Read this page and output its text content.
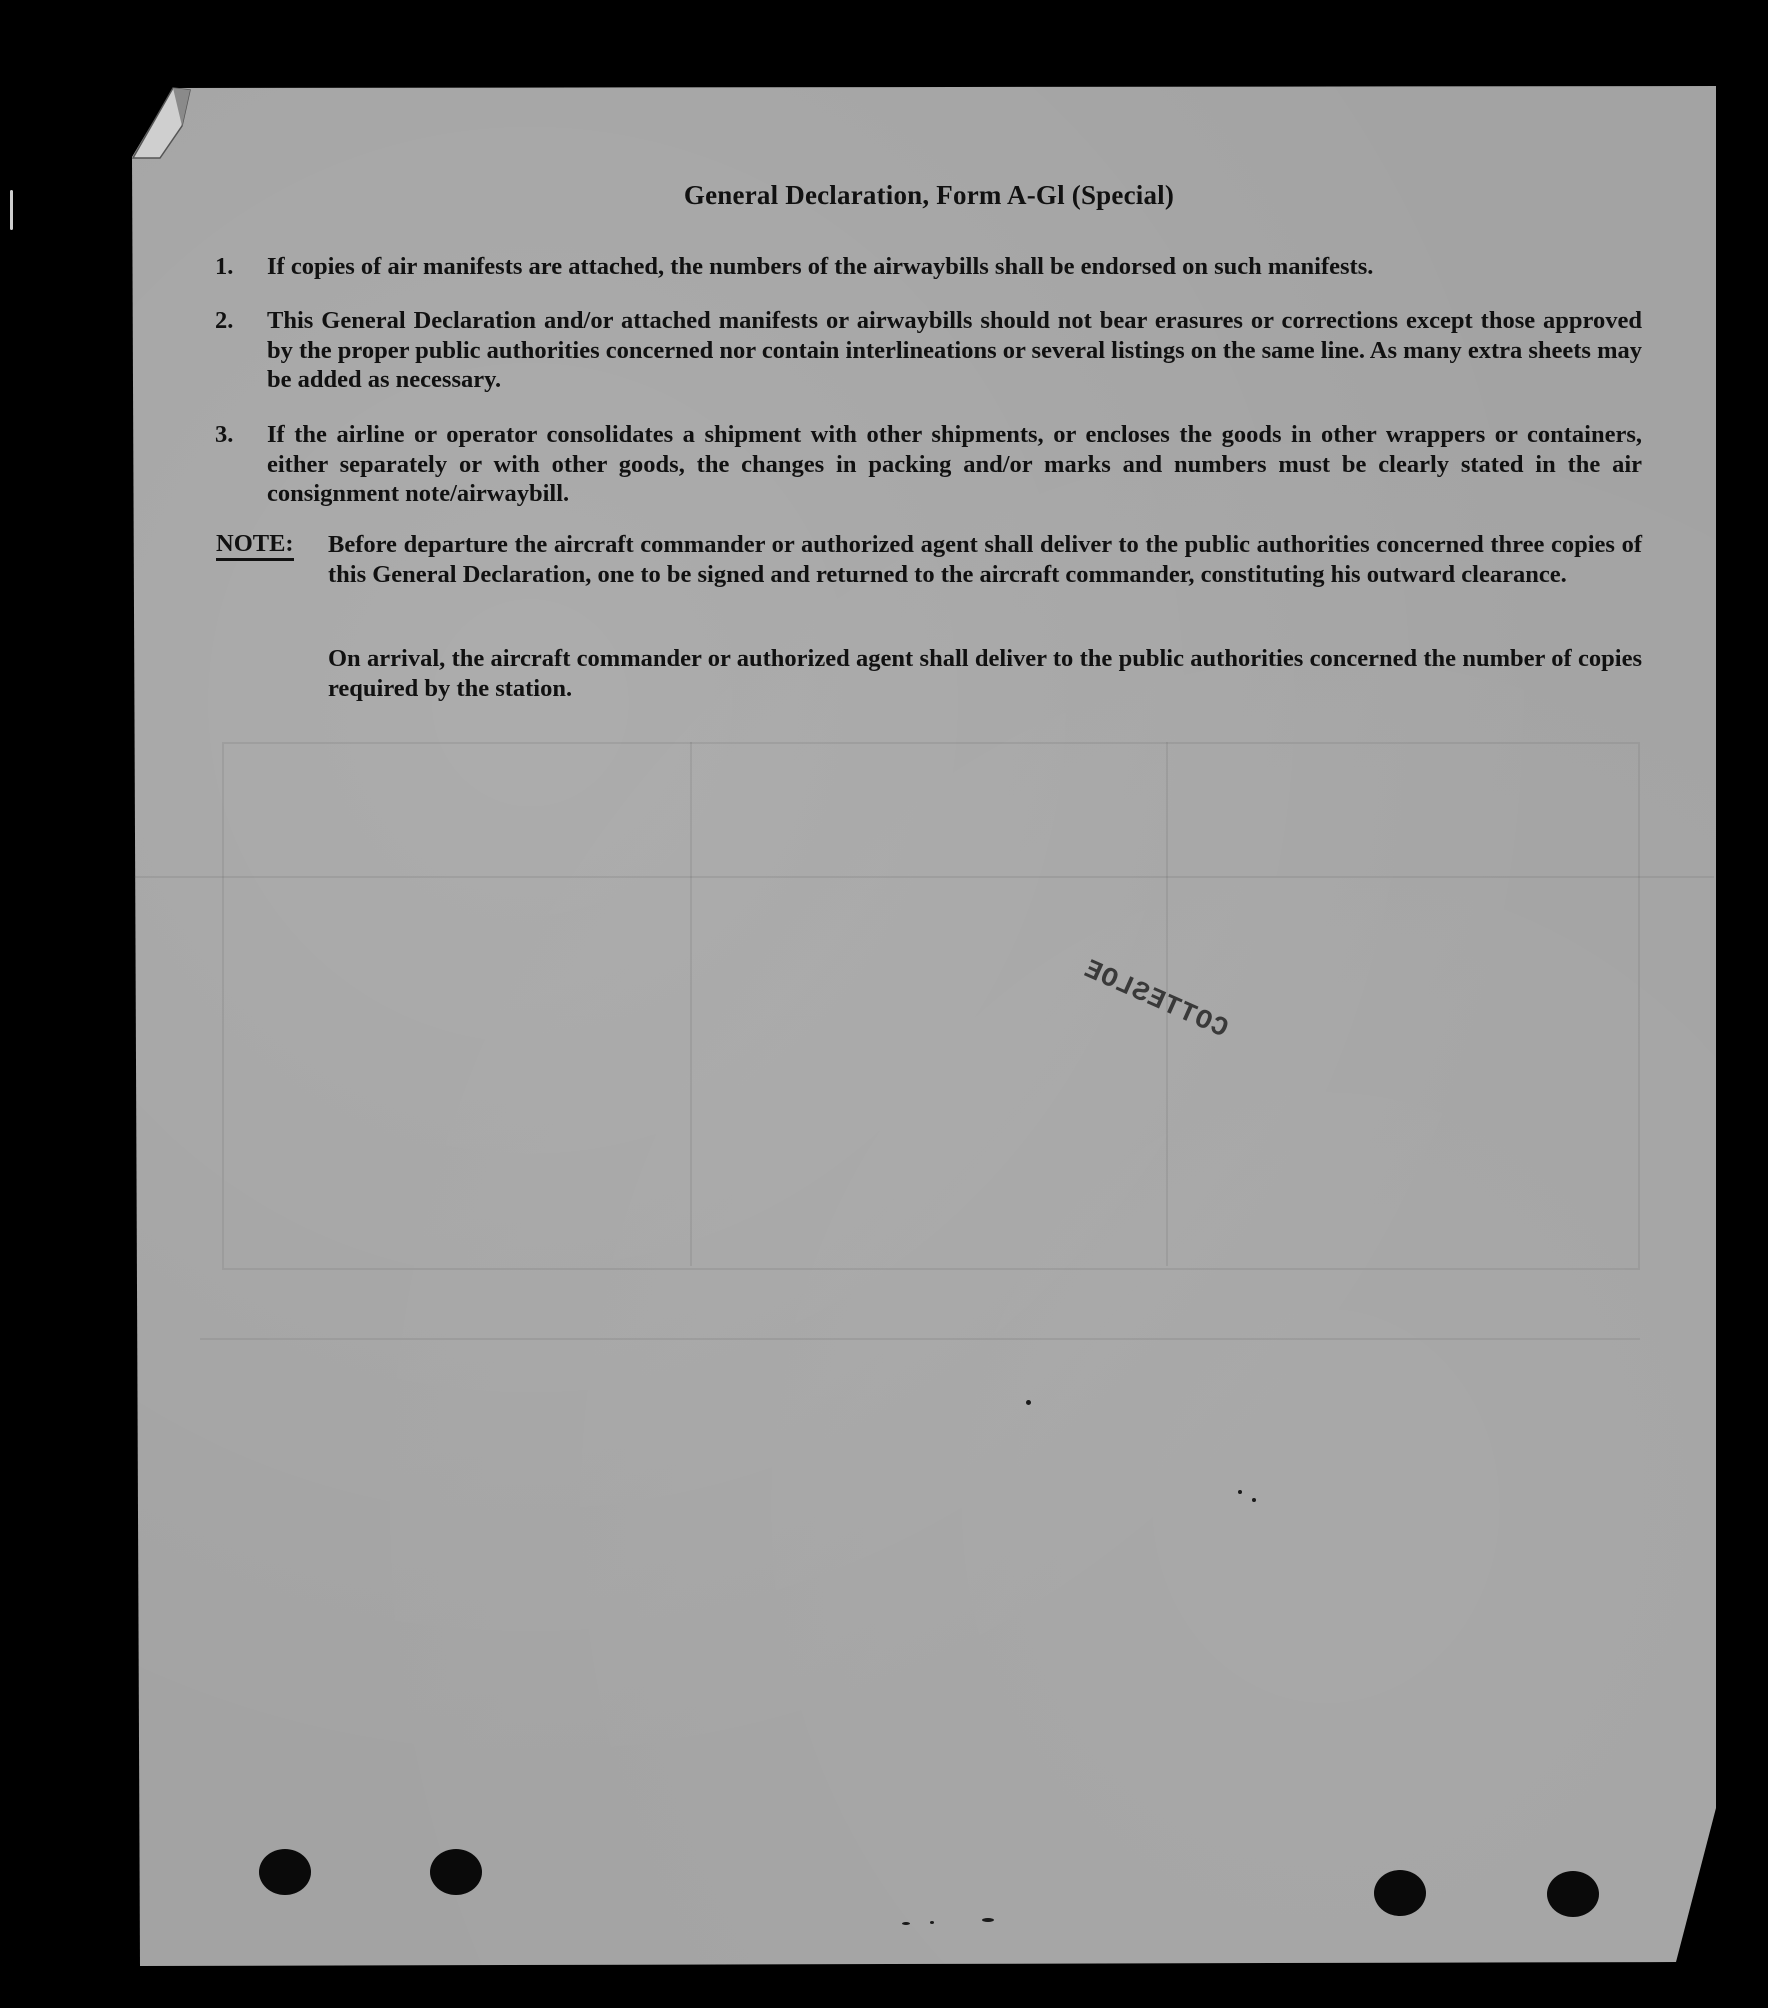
General Declaration, Form A-Gl (Special)
1. If copies of air manifests are attached, the numbers of the airwaybills shall be endorsed on such manifests.
2. This General Declaration and/or attached manifests or airwaybills should not bear erasures or corrections except those approved by the proper public authorities concerned nor contain interlineations or several listings on the same line. As many extra sheets may be added as necessary.
3. If the airline or operator consolidates a shipment with other shipments, or encloses the goods in other wrappers or containers, either separately or with other goods, the changes in packing and/or marks and numbers must be clearly stated in the air consignment note/airwaybill.
NOTE: Before departure the aircraft commander or authorized agent shall deliver to the public authorities concerned three copies of this General Declaration, one to be signed and returned to the aircraft commander, constituting his outward clearance.
On arrival, the aircraft commander or authorized agent shall deliver to the public authorities concerned the number of copies required by the station.
COTTESLOE
